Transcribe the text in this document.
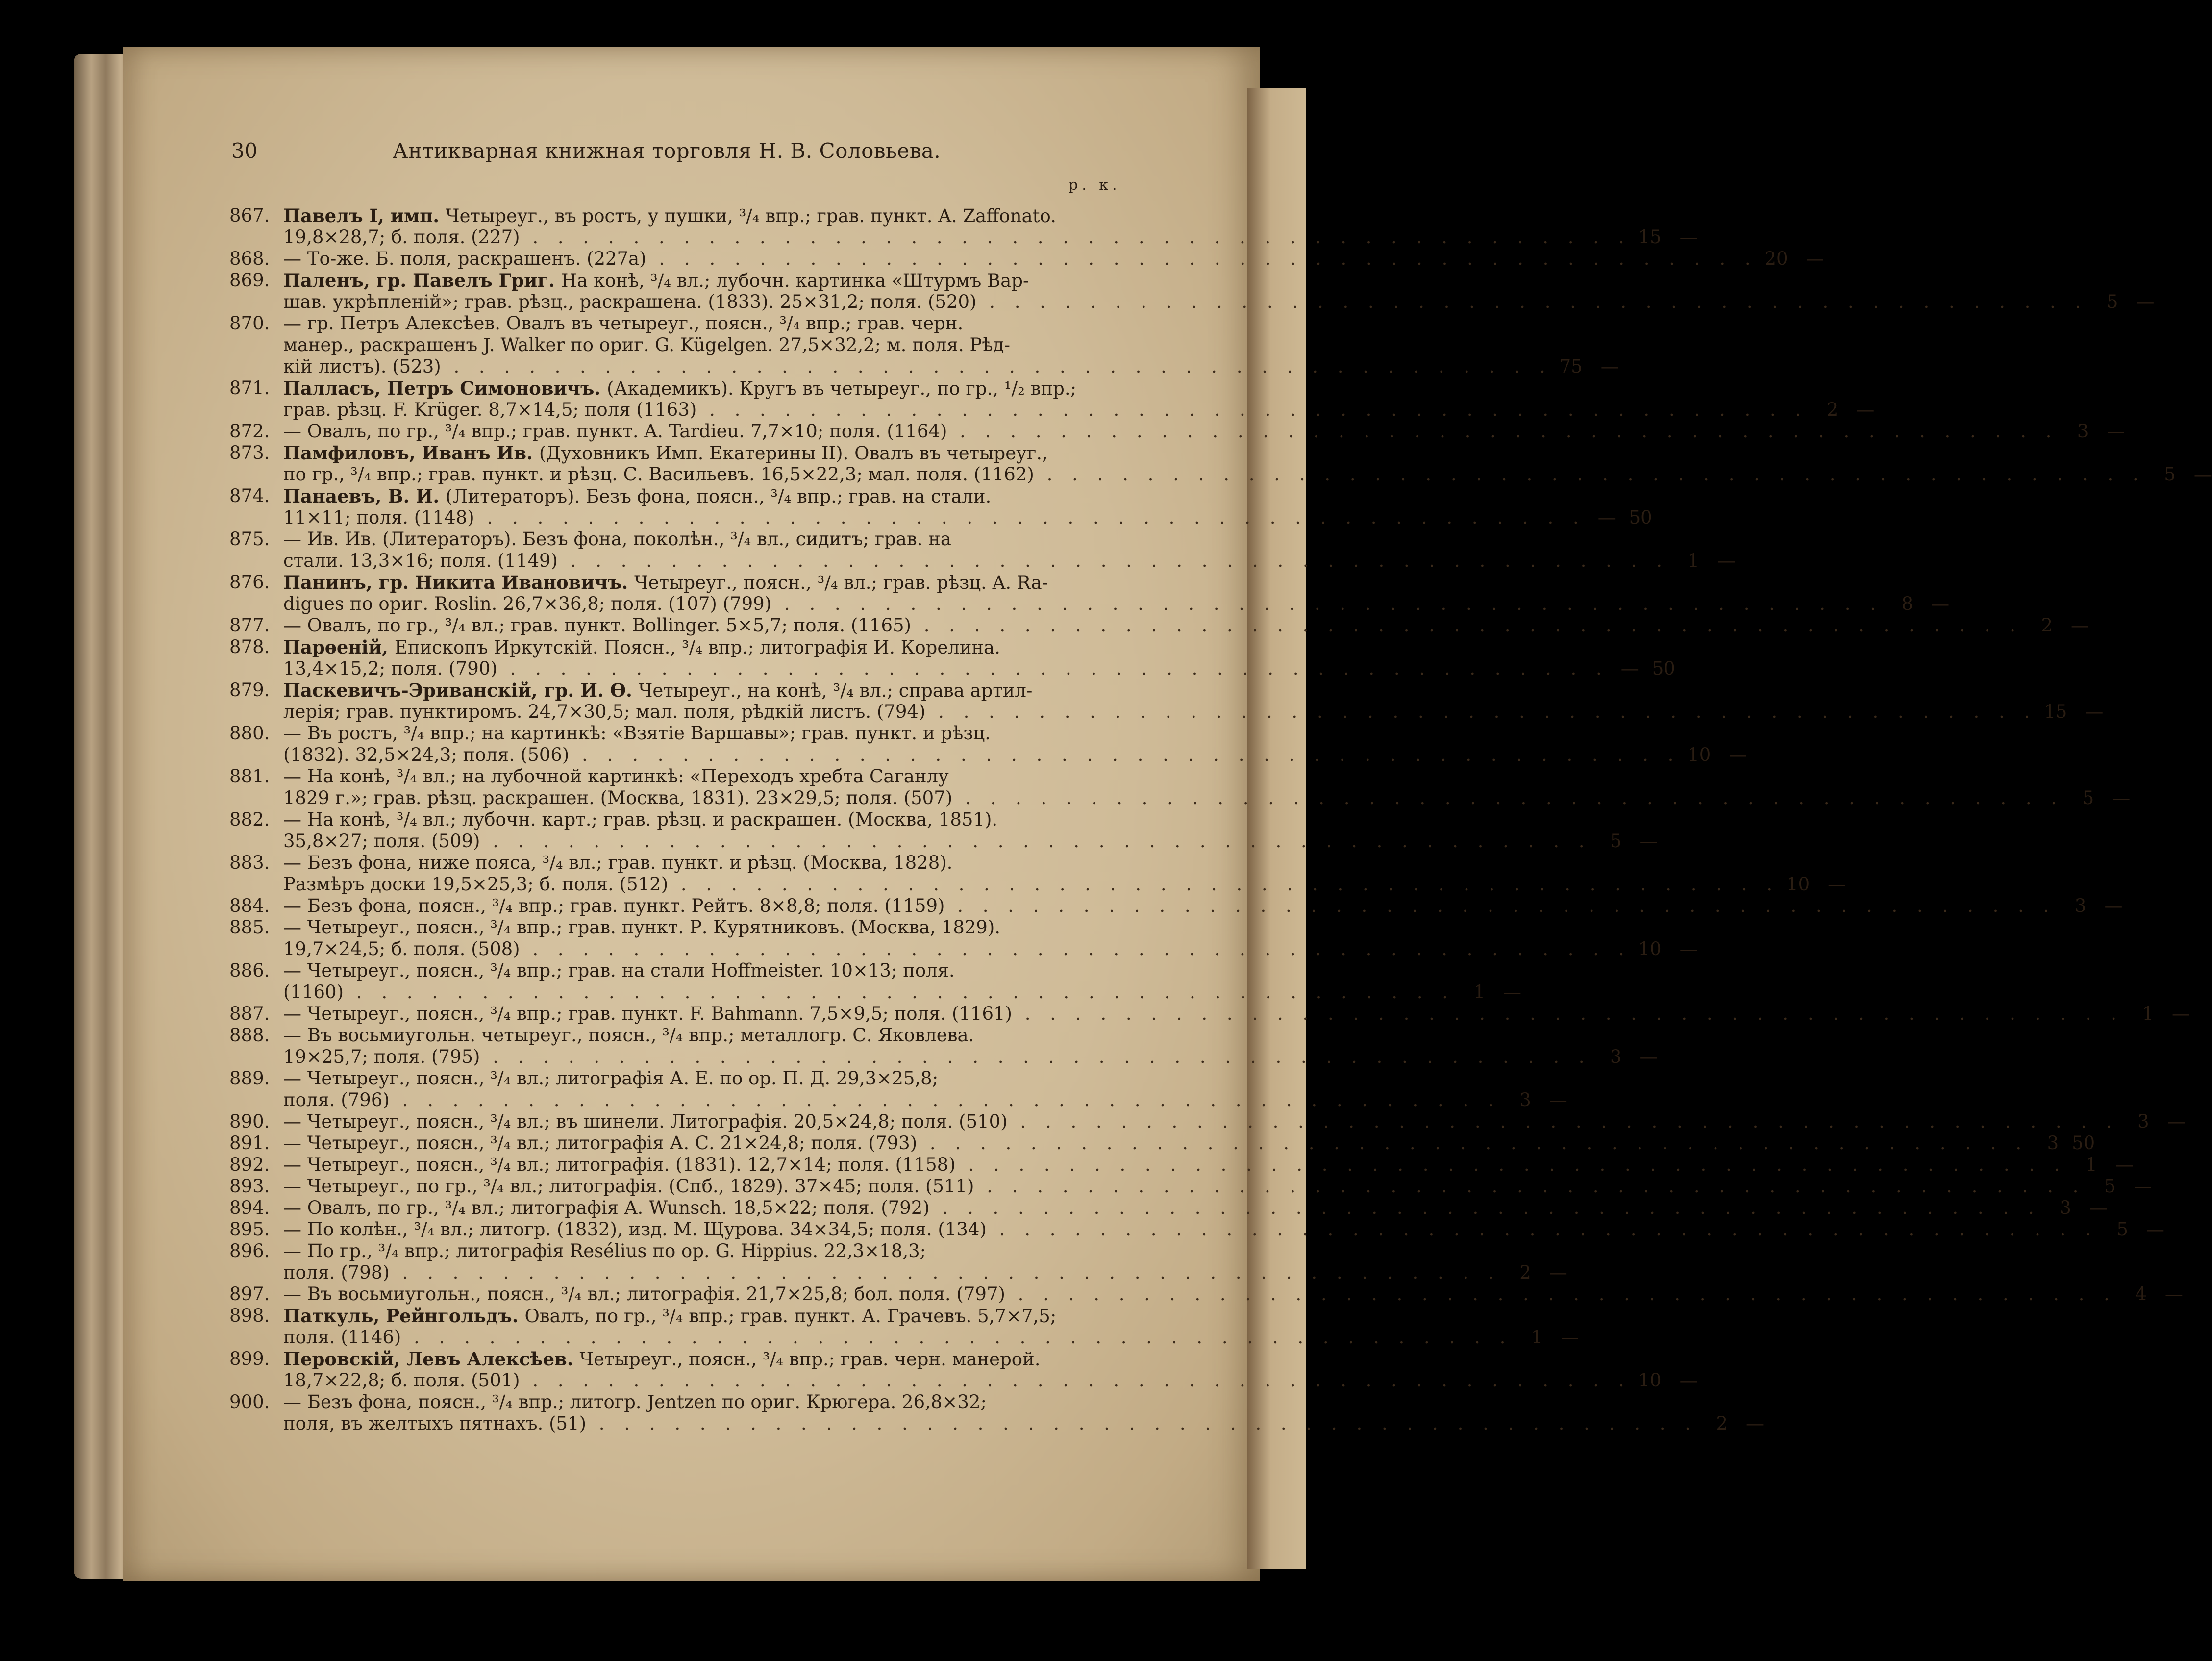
30	Антикварная книжная торговля Н. В. Соловьева.
р. к.
867. Павелъ I, имп. Четыреуг., въ ростъ, у пушки, ³/₄ впр.; грав. пункт. A. Zaffonato.
19,8×28,7; б. поля. (227) . . . . . . . . . . . . . . . . . . . . . . . . . . . . . . . . . . . . . . . . . . . . 15	—
868. — То-же. Б. поля, раскрашенъ. (227а) . . . . . . . . . . . . . . . . . . . . . . . . . . . . . . . . . . . . . . . . . . . . 20	—
869. Паленъ, гр. Павелъ Григ. На конѣ, ³/₄ вл.; лубочн. картинка «Штурмъ Вар-
шав. укрѣпленій»; грав. рѣзц., раскрашена. (1833). 25×31,2; поля. (520) . . . . . . . . . . . . . . . . . . . . . . . . . . . . . . . . . . . . . . . . . . . .	5	—
870. — гр. Петръ Алексѣев. Овалъ въ четыреуг., поясн., ³/₄ впр.; грав. черн.
манер., раскрашенъ J. Walker по ориг. G. Kügelgen. 27,5×32,2; м. поля. Рѣд-
кій листъ). (523) . . . . . . . . . . . . . . . . . . . . . . . . . . . . . . . . . . . . . . . . . . . . 75	—
871. Палласъ, Петръ Симоновичъ. (Академикъ). Кругъ въ четыреуг., по гр., ¹/₂ впр.;
грав. рѣзц. F. Krüger. 8,7×14,5; поля (1163) . . . . . . . . . . . . . . . . . . . . . . . . . . . . . . . . . . . . . . . . . . . .	2	—
872. — Овалъ, по гр., ³/₄ впр.; грав. пункт. A. Tardieu. 7,7×10; поля. (1164) . . . . . . . . . . . . . . . . . . . . . . . . . . . . . . . . . . . . . . . . . . . .	3	—
873. Памфиловъ, Иванъ Ив. (Духовникъ Имп. Екатерины II). Овалъ въ четыреуг.,
по гр., ³/₄ впр.; грав. пункт. и рѣзц. С. Васильевъ. 16,5×22,3; мал. поля. (1162) . . . . . . . . . . . . . . . . . . . . . . . . . . . . . . . . . . . . . . . . . . . .	5	—
874. Панаевъ, В. И. (Литераторъ). Безъ фона, поясн., ³/₄ впр.; грав. на стали.
11×11; поля. (1148) . . . . . . . . . . . . . . . . . . . . . . . . . . . . . . . . . . . . . . . . . . . . — 50
875. — Ив. Ив. (Литераторъ). Безъ фона, поколѣн., ³/₄ вл., сидитъ; грав. на
стали. 13,3×16; поля. (1149) . . . . . . . . . . . . . . . . . . . . . . . . . . . . . . . . . . . . . . . . . . . .	1	—
876. Панинъ, гр. Никита Ивановичъ. Четыреуг., поясн., ³/₄ вл.; грав. рѣзц. A. Ra-
digues по ориг. Roslin. 26,7×36,8; поля. (107) (799) . . . . . . . . . . . . . . . . . . . . . . . . . . . . . . . . . . . . . . . . . . . .	8	—
877. — Овалъ, по гр., ³/₄ вл.; грав. пункт. Bollinger. 5×5,7; поля. (1165) . . . . . . . . . . . . . . . . . . . . . . . . . . . . . . . . . . . . . . . . . . . .	2	—
878. Парѳеній, Епископъ Иркутскій. Поясн., ³/₄ впр.; литографія И. Корелина.
13,4×15,2; поля. (790) . . . . . . . . . . . . . . . . . . . . . . . . . . . . . . . . . . . . . . . . . . . . — 50
879. Паскевичъ-Эриванскій, гр. И. Ѳ. Четыреуг., на конѣ, ³/₄ вл.; справа артил-
лерія; грав. пунктиромъ. 24,7×30,5; мал. поля, рѣдкій листъ. (794) . . . . . . . . . . . . . . . . . . . . . . . . . . . . . . . . . . . . . . . . . . . . 15	—
880. — Въ ростъ, ³/₄ впр.; на картинкѣ: «Взятіе Варшавы»; грав. пункт. и рѣзц.
(1832). 32,5×24,3; поля. (506) . . . . . . . . . . . . . . . . . . . . . . . . . . . . . . . . . . . . . . . . . . . . 10	—
881. — На конѣ, ³/₄ вл.; на лубочной картинкѣ: «Переходъ хребта Саганлу
1829 г.»; грав. рѣзц. раскрашен. (Москва, 1831). 23×29,5; поля. (507) . . . . . . . . . . . . . . . . . . . . . . . . . . . . . . . . . . . . . . . . . . . .	5	—
882. — На конѣ, ³/₄ вл.; лубочн. карт.; грав. рѣзц. и раскрашен. (Москва, 1851).
35,8×27; поля. (509) . . . . . . . . . . . . . . . . . . . . . . . . . . . . . . . . . . . . . . . . . . . .	5	—
883. — Безъ фона, ниже пояса, ³/₄ вл.; грав. пункт. и рѣзц. (Москва, 1828).
Размѣръ доски 19,5×25,3; б. поля. (512) . . . . . . . . . . . . . . . . . . . . . . . . . . . . . . . . . . . . . . . . . . . . 10	—
884. — Безъ фона, поясн., ³/₄ впр.; грав. пункт. Рейтъ. 8×8,8; поля. (1159) . . . . . . . . . . . . . . . . . . . . . . . . . . . . . . . . . . . . . . . . . . . .	3	—
885. — Четыреуг., поясн., ³/₄ впр.; грав. пункт. Р. Курятниковъ. (Москва, 1829).
19,7×24,5; б. поля. (508) . . . . . . . . . . . . . . . . . . . . . . . . . . . . . . . . . . . . . . . . . . . . 10	—
886. — Четыреуг., поясн., ³/₄ впр.; грав. на стали Hoffmeister. 10×13; поля.
(1160) . . . . . . . . . . . . . . . . . . . . . . . . . . . . . . . . . . . . . . . . . . . .	1	—
887. — Четыреуг., поясн., ³/₄ впр.; грав. пункт. F. Bahmann. 7,5×9,5; поля. (1161) . . . . . . . . . . . . . . . . . . . . . . . . . . . . . . . . . . . . . . . . . . . .	1	—
888. — Въ восьмиугольн. четыреуг., поясн., ³/₄ впр.; металлогр. С. Яковлева.
19×25,7; поля. (795) . . . . . . . . . . . . . . . . . . . . . . . . . . . . . . . . . . . . . . . . . . . .	3	—
889. — Четыреуг., поясн., ³/₄ вл.; литографія А. Е. по ор. П. Д. 29,3×25,8;
поля. (796) . . . . . . . . . . . . . . . . . . . . . . . . . . . . . . . . . . . . . . . . . . . .	3	—
890. — Четыреуг., поясн., ³/₄ вл.; въ шинели. Литографія. 20,5×24,8; поля. (510) . . . . . . . . . . . . . . . . . . . . . . . . . . . . . . . . . . . . . . . . . . . .	3	—
891. — Четыреуг., поясн., ³/₄ вл.; литографія А. С. 21×24,8; поля. (793) . . . . . . . . . . . . . . . . . . . . . . . . . . . . . . . . . . . . . . . . . . . .	3 50
892. — Четыреуг., поясн., ³/₄ вл.; литографія. (1831). 12,7×14; поля. (1158) . . . . . . . . . . . . . . . . . . . . . . . . . . . . . . . . . . . . . . . . . . . .	1	—
893. — Четыреуг., по гр., ³/₄ вл.; литографія. (Спб., 1829). 37×45; поля. (511) . . . . . . . . . . . . . . . . . . . . . . . . . . . . . . . . . . . . . . . . . . . .	5	—
894. — Овалъ, по гр., ³/₄ вл.; литографія A. Wunsch. 18,5×22; поля. (792) . . . . . . . . . . . . . . . . . . . . . . . . . . . . . . . . . . . . . . . . . . . .	3	—
895. — По колѣн., ³/₄ вл.; литогр. (1832), изд. М. Щурова. 34×34,5; поля. (134) . . . . . . . . . . . . . . . . . . . . . . . . . . . . . . . . . . . . . . . . . . . .	5	—
896. — По гр., ³/₄ впр.; литографія Resélius по ор. G. Hippius. 22,3×18,3;
поля. (798) . . . . . . . . . . . . . . . . . . . . . . . . . . . . . . . . . . . . . . . . . . . .	2	—
897. — Въ восьмиугольн., поясн., ³/₄ вл.; литографія. 21,7×25,8; бол. поля. (797) . . . . . . . . . . . . . . . . . . . . . . . . . . . . . . . . . . . . . . . . . . . .	4	—
898. Паткуль, Рейнгольдъ. Овалъ, по гр., ³/₄ впр.; грав. пункт. А. Грачевъ. 5,7×7,5;
поля. (1146) . . . . . . . . . . . . . . . . . . . . . . . . . . . . . . . . . . . . . . . . . . . .	1	—
899. Перовскій, Левъ Алексѣев. Четыреуг., поясн., ³/₄ впр.; грав. черн. манерой.
18,7×22,8; б. поля. (501) . . . . . . . . . . . . . . . . . . . . . . . . . . . . . . . . . . . . . . . . . . . . 10	—
900. — Безъ фона, поясн., ³/₄ впр.; литогр. Jentzen по ориг. Крюгера. 26,8×32;
поля, въ желтыхъ пятнахъ. (51) . . . . . . . . . . . . . . . . . . . . . . . . . . . . . . . . . . . . . . . . . . . .	2	—
